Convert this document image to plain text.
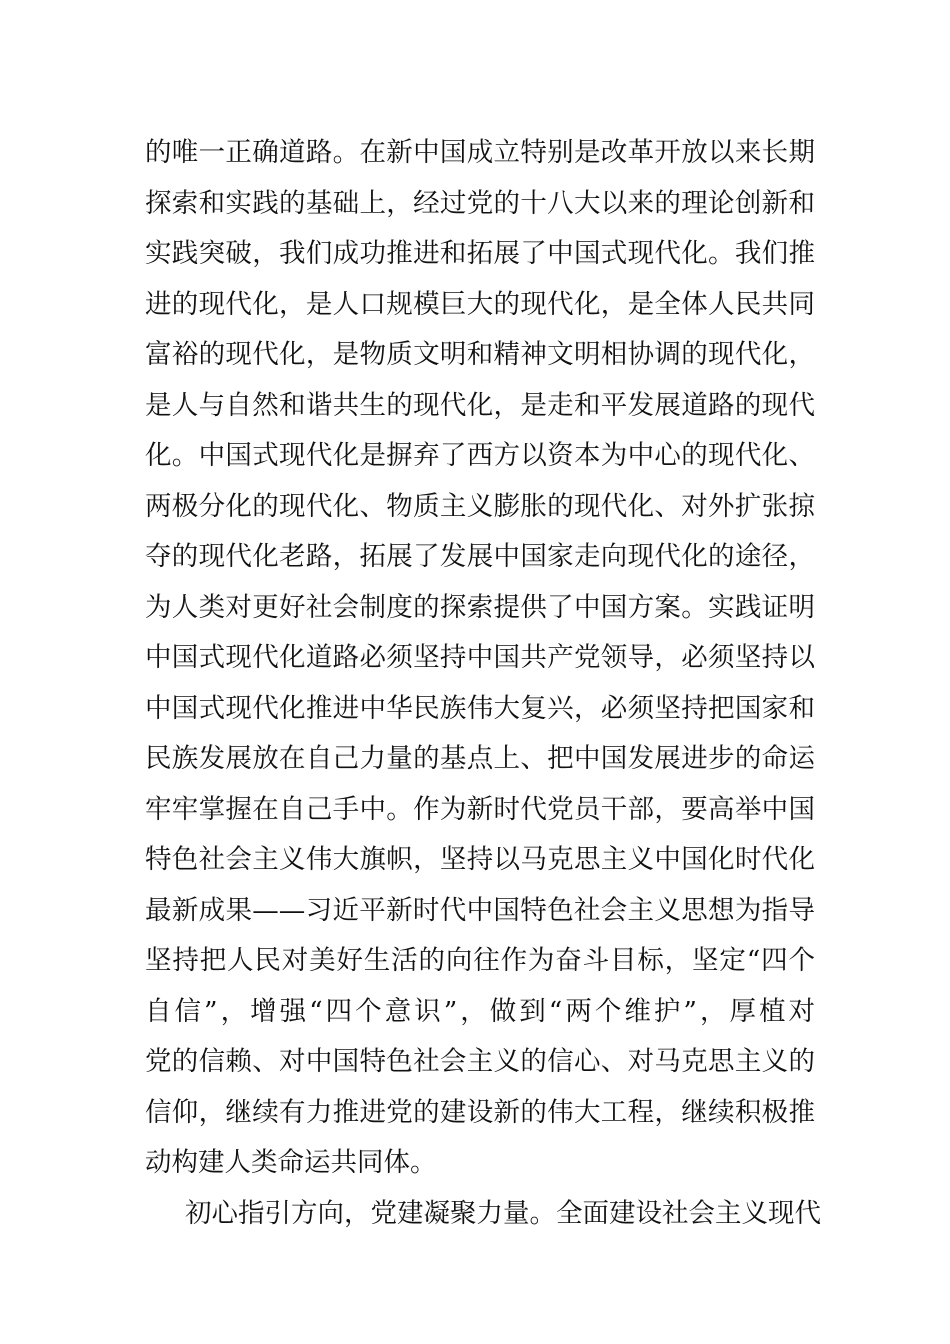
的唯一正确道路。在新中国成立特别是改革开放以来长期
探索和实践的基础上，经过党的十八大以来的理论创新和
实践突破，我们成功推进和拓展了中国式现代化。我们推
进的现代化，是人口规模巨大的现代化，是全体人民共同
富裕的现代化，是物质文明和精神文明相协调的现代化，
是人与自然和谐共生的现代化，是走和平发展道路的现代
化。中国式现代化是摒弃了西方以资本为中心的现代化、
两极分化的现代化、物质主义膨胀的现代化、对外扩张掠
夺的现代化老路，拓展了发展中国家走向现代化的途径，
为人类对更好社会制度的探索提供了中国方案。实践证明
中国式现代化道路必须坚持中国共产党领导，必须坚持以
中国式现代化推进中华民族伟大复兴，必须坚持把国家和
民族发展放在自己力量的基点上、把中国发展进步的命运
牢牢掌握在自己手中。作为新时代党员干部，要高举中国
特色社会主义伟大旗帜，坚持以马克思主义中国化时代化
最新成果——习近平新时代中国特色社会主义思想为指导
坚持把人民对美好生活的向往作为奋斗目标，坚定“四个
自信”，增强“四个意识”，做到“两个维护”，厚植对
党的信赖、对中国特色社会主义的信心、对马克思主义的
信仰，继续有力推进党的建设新的伟大工程，继续积极推
动构建人类命运共同体。
初心指引方向，党建凝聚力量。全面建设社会主义现代
